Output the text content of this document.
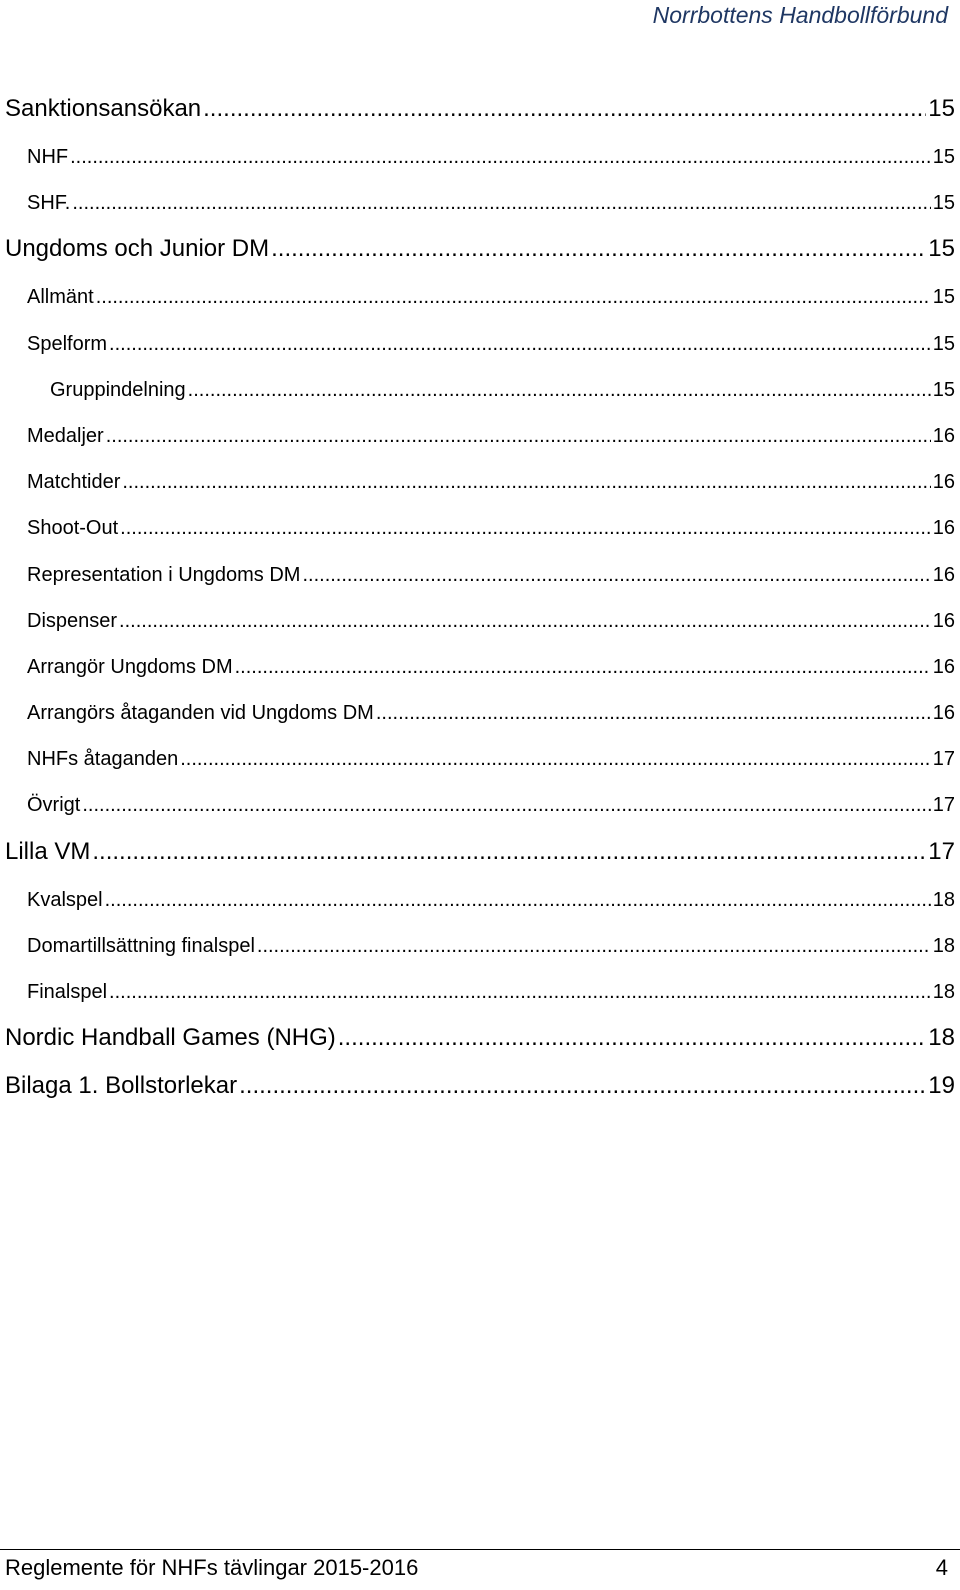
Norrbottens Handbollförbund
Sanktionsansökan .....	15
NHF .....	15
SHF. .....	15
Ungdoms och Junior DM .....	15
Allmänt .....	15
Spelform .....	15
Gruppindelning .....	15
Medaljer .....	16
Matchtider .....	16
Shoot-Out .....	16
Representation i Ungdoms DM .....	16
Dispenser .....	16
Arrangör Ungdoms DM .....	16
Arrangörs åtaganden vid Ungdoms DM .....	16
NHFs åtaganden .....	17
Övrigt .....	17
Lilla VM .....	17
Kvalspel .....	18
Domartillsättning finalspel .....	18
Finalspel .....	18
Nordic Handball Games (NHG) .....	18
Bilaga 1. Bollstorlekar .....	19
Reglemente för NHFs tävlingar 2015-2016	4
